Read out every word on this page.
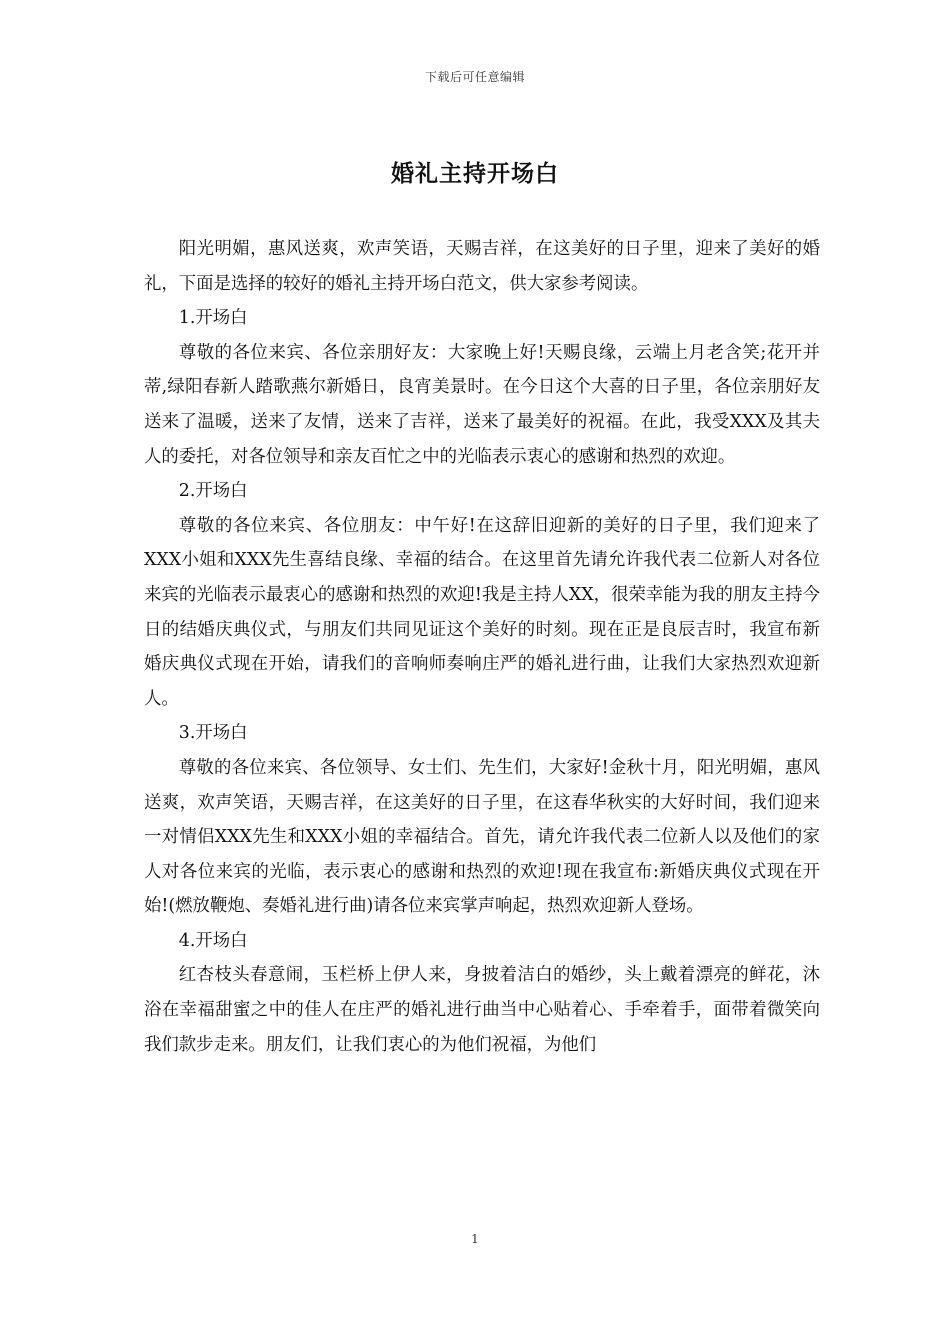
下载后可任意编辑
婚礼主持开场白

阳光明媚，惠风送爽，欢声笑语，天赐吉祥，在这美好的日子里，迎来了美好的婚礼，下面是选择的较好的婚礼主持开场白范文，供大家参考阅读。

1.开场白

尊敬的各位来宾、各位亲朋好友：大家晚上好!天赐良缘，云端上月老含笑;花开并蒂,绿阳春新人踏歌燕尔新婚日，良宵美景时。在今日这个大喜的日子里，各位亲朋好友送来了温暖，送来了友情，送来了吉祥，送来了最美好的祝福。在此，我受XXX及其夫人的委托，对各位领导和亲友百忙之中的光临表示衷心的感谢和热烈的欢迎。

2.开场白

尊敬的各位来宾、各位朋友：中午好!在这辞旧迎新的美好的日子里，我们迎来了XXX小姐和XXX先生喜结良缘、幸福的结合。在这里首先请允许我代表二位新人对各位来宾的光临表示最衷心的感谢和热烈的欢迎!我是主持人XX，很荣幸能为我的朋友主持今日的结婚庆典仪式，与朋友们共同见证这个美好的时刻。现在正是良辰吉时，我宣布新婚庆典仪式现在开始，请我们的音响师奏响庄严的婚礼进行曲，让我们大家热烈欢迎新人。

3.开场白

尊敬的各位来宾、各位领导、女士们、先生们，大家好!金秋十月，阳光明媚，惠风送爽，欢声笑语，天赐吉祥，在这美好的日子里，在这春华秋实的大好时间，我们迎来一对情侣XXX先生和XXX小姐的幸福结合。首先，请允许我代表二位新人以及他们的家人对各位来宾的光临，表示衷心的感谢和热烈的欢迎!现在我宣布:新婚庆典仪式现在开始!(燃放鞭炮、奏婚礼进行曲)请各位来宾掌声响起，热烈欢迎新人登场。

4.开场白

红杏枝头春意闹，玉栏桥上伊人来，身披着洁白的婚纱，头上戴着漂亮的鲜花，沐浴在幸福甜蜜之中的佳人在庄严的婚礼进行曲当中心贴着心、手牵着手，面带着微笑向我们款步走来。朋友们，让我们衷心的为他们祝福，为他们

1
